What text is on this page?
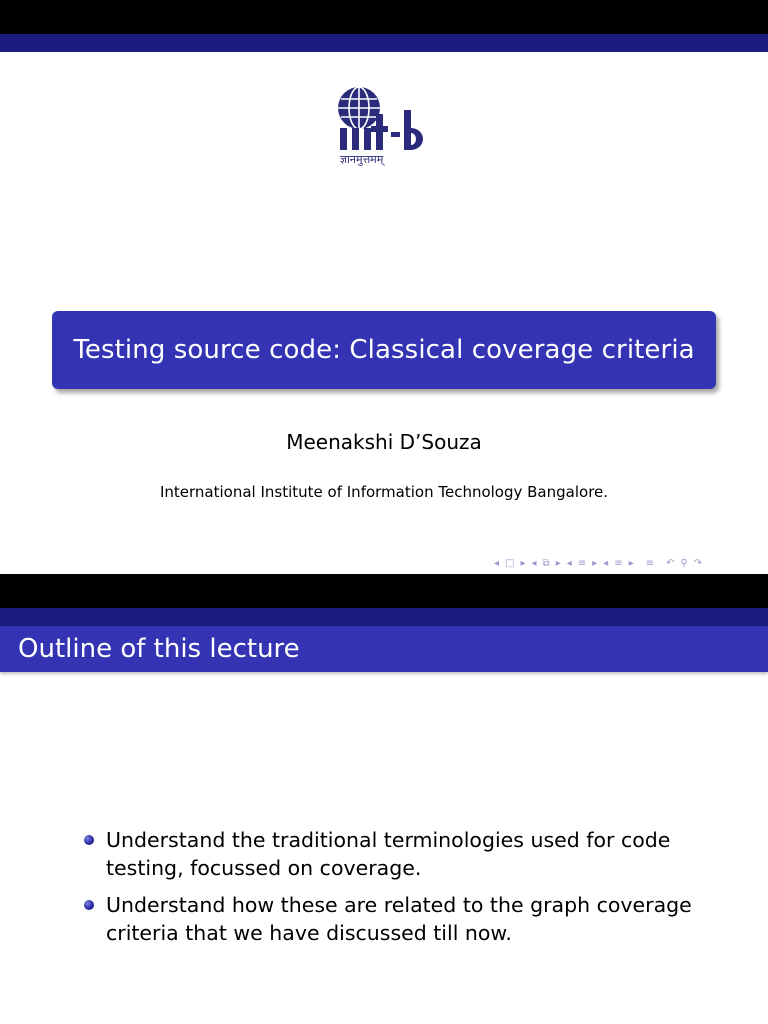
ज्ञानमुत्तमम्
Testing source code: Classical coverage criteria
Meenakshi D’Souza
International Institute of Information Technology Bangalore.
◂ □ ▸ ◂ ⧉ ▸ ◂ ≡ ▸ ◂ ≡ ▸ ≡ ↶ ⚲ ↷
Outline of this lecture
Understand the traditional terminologies used for code testing, focussed on coverage.
Understand how these are related to the graph coverage criteria that we have discussed till now.
